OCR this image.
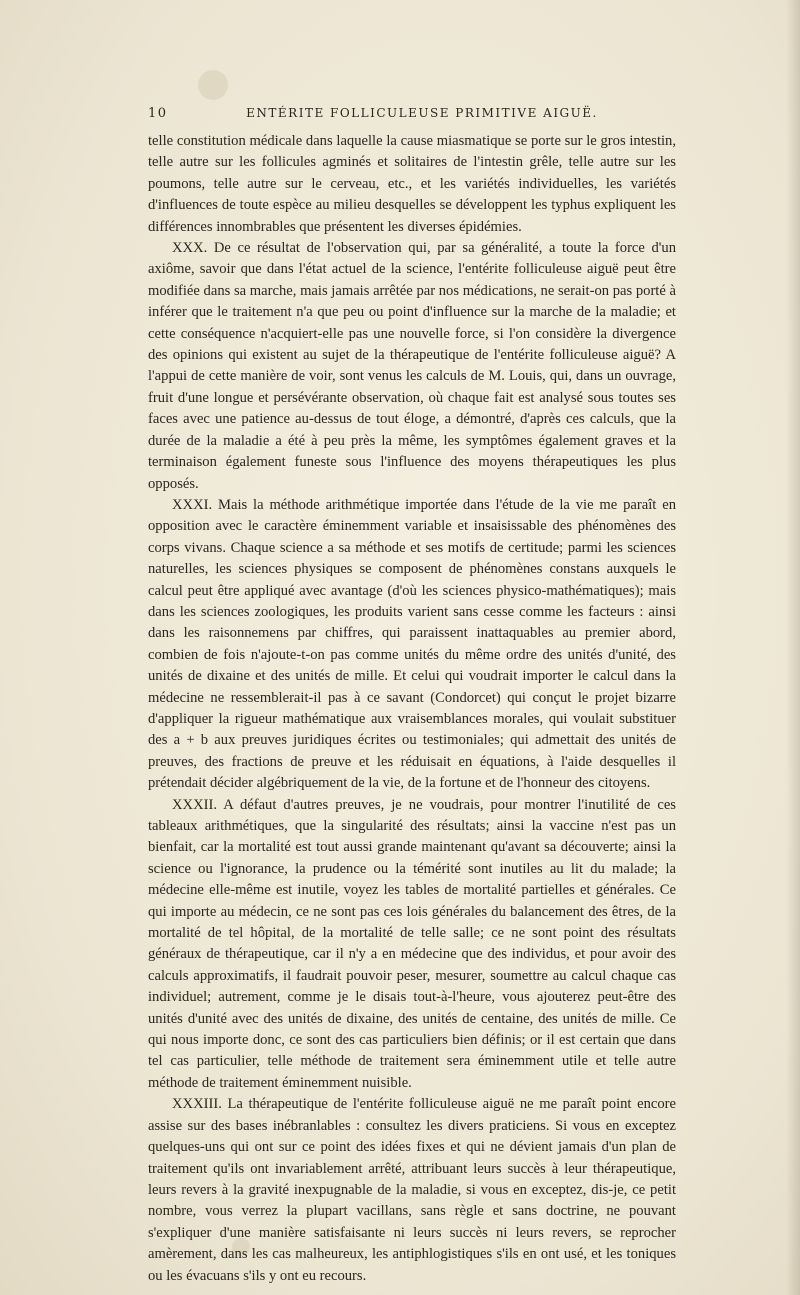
10	ENTÉRITE FOLLICULEUSE PRIMITIVE AIGUË.

telle constitution médicale dans laquelle la cause miasmatique se porte sur le gros intestin, telle autre sur les follicules agminés et solitaires de l'intestin grêle, telle autre sur les poumons, telle autre sur le cerveau, etc., et les variétés individuelles, les variétés d'influences de toute espèce au milieu desquelles se développent les typhus expliquent les différences innombrables que présentent les diverses épidémies.

XXX. De ce résultat de l'observation qui, par sa généralité, a toute la force d'un axiôme, savoir que dans l'état actuel de la science, l'entérite folliculeuse aiguë peut être modifiée dans sa marche, mais jamais arrêtée par nos médications, ne serait-on pas porté à inférer que le traitement n'a que peu ou point d'influence sur la marche de la maladie; et cette conséquence n'acquiert-elle pas une nouvelle force, si l'on considère la divergence des opinions qui existent au sujet de la thérapeutique de l'entérite folliculeuse aiguë? A l'appui de cette manière de voir, sont venus les calculs de M. Louis, qui, dans un ouvrage, fruit d'une longue et persévérante observation, où chaque fait est analysé sous toutes ses faces avec une patience au-dessus de tout éloge, a démontré, d'après ces calculs, que la durée de la maladie a été à peu près la même, les symptômes également graves et la terminaison également funeste sous l'influence des moyens thérapeutiques les plus opposés.

XXXI. Mais la méthode arithmétique importée dans l'étude de la vie me paraît en opposition avec le caractère éminemment variable et insaisissable des phénomènes des corps vivans. Chaque science a sa méthode et ses motifs de certitude; parmi les sciences naturelles, les sciences physiques se composent de phénomènes constans auxquels le calcul peut être appliqué avec avantage (d'où les sciences physico-mathématiques); mais dans les sciences zoologiques, les produits varient sans cesse comme les facteurs : ainsi dans les raisonnemens par chiffres, qui paraissent inattaquables au premier abord, combien de fois n'ajoute-t-on pas comme unités du même ordre des unités d'unité, des unités de dixaine et des unités de mille. Et celui qui voudrait importer le calcul dans la médecine ne ressemblerait-il pas à ce savant (Condorcet) qui conçut le projet bizarre d'appliquer la rigueur mathématique aux vraisemblances morales, qui voulait substituer des a + b aux preuves juridiques écrites ou testimoniales; qui admettait des unités de preuves, des fractions de preuve et les réduisait en équations, à l'aide desquelles il prétendait décider algébriquement de la vie, de la fortune et de l'honneur des citoyens.

XXXII. A défaut d'autres preuves, je ne voudrais, pour montrer l'inutilité de ces tableaux arithmétiques, que la singularité des résultats; ainsi la vaccine n'est pas un bienfait, car la mortalité est tout aussi grande maintenant qu'avant sa découverte; ainsi la science ou l'ignorance, la prudence ou la témérité sont inutiles au lit du malade; la médecine elle-même est inutile, voyez les tables de mortalité partielles et générales. Ce qui importe au médecin, ce ne sont pas ces lois générales du balancement des êtres, de la mortalité de tel hôpital, de la mortalité de telle salle; ce ne sont point des résultats généraux de thérapeutique, car il n'y a en médecine que des individus, et pour avoir des calculs approximatifs, il faudrait pouvoir peser, mesurer, soumettre au calcul chaque cas individuel; autrement, comme je le disais tout-à-l'heure, vous ajouterez peut-être des unités d'unité avec des unités de dixaine, des unités de centaine, des unités de mille. Ce qui nous importe donc, ce sont des cas particuliers bien définis; or il est certain que dans tel cas particulier, telle méthode de traitement sera éminemment utile et telle autre méthode de traitement éminemment nuisible.

XXXIII. La thérapeutique de l'entérite folliculeuse aiguë ne me paraît point encore assise sur des bases inébranlables : consultez les divers praticiens. Si vous en exceptez quelques-uns qui ont sur ce point des idées fixes et qui ne dévient jamais d'un plan de traitement qu'ils ont invariablement arrêté, attribuant leurs succès à leur thérapeutique, leurs revers à la gravité inexpugnable de la maladie, si vous en exceptez, dis-je, ce petit nombre, vous verrez la plupart vacillans, sans règle et sans doctrine, ne pouvant s'expliquer d'une manière satisfaisante ni leurs succès ni leurs revers, se reprocher amèrement, dans les cas malheureux, les antiphlogistiques s'ils en ont usé, et les toniques ou les évacuans s'ils y ont eu recours.
